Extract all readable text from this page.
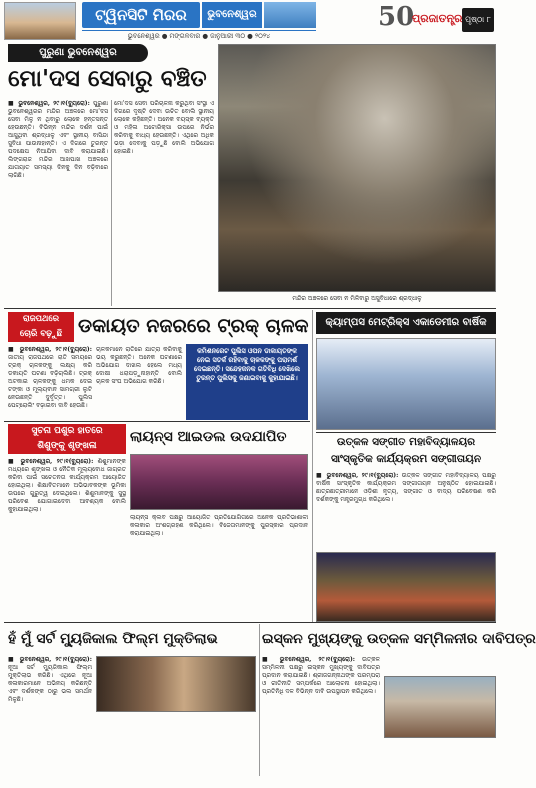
ଟ୍ୱିନସିଟି ମିରର	ଭୁବନେଶ୍ୱର
ଭୁବନେଶ୍ୱର ● ମଙ୍ଗଳବାର ● ଜାନୁଆରୀ ୩୦ ● ୨୦୨୪
50
ପ୍ରଜାତନ୍ତ୍ର ପୃଷ୍ଠା ୮
ପୁରୁଣା ଭୁବନେଶ୍ୱର
ମୋ'ଦସ ସେବାରୁ ବଞ୍ଚିତ
■ ଭୁବନେଶ୍ୱର, ୨୯।୧(ବ୍ୟୁରୋ): ପୁରୁଣା ଭୁବନେଶ୍ୱରର ମନ୍ଦିର ଅଞ୍ଚଳରେ ମୋ'ଦସ ସେବା ମିଳୁ ନ ଥିବାରୁ ଲୋକେ ହନ୍ତସନ୍ତ ହେଉଛନ୍ତି। ବିଭିନ୍ନ ମନ୍ଦିର ଦର୍ଶନ ପାଇଁ ଆସୁଥିବା ଶ୍ରଦ୍ଧାଳୁ ଏବଂ ସ୍ଥାନୀୟ ବାସିନ୍ଦା ସୁବିଧା ପାଉନାହାନ୍ତି। ଏ ଦିଗରେ ତୁରନ୍ତ ପଦକ୍ଷେପ ନିଆଯିବା ଦାବି କରାଯାଇଛି। ଲିଙ୍ଗରାଜ ମନ୍ଦିର ଆଖପାଖ ଅଞ୍ଚଳରେ ଯାତାୟାତ ସମସ୍ୟା ଦିନକୁ ଦିନ ବଢ଼ିବାରେ ଲାଗିଛି।
ମୋ'ଦସ ସେବା ପରିଚାଳନା କରୁଥିବା ସଂସ୍ଥା ଏ ଦିଗରେ ଦୃଷ୍ଟି ଦେବା ଉଚିତ ବୋଲି ସ୍ଥାନୀୟ ଲୋକେ କହିଛନ୍ତି। ଅନେକ ବୟସ୍କ ବ୍ୟକ୍ତି ଓ ମହିଳା ଅଟୋରିକ୍ସା ଉପରେ ନିର୍ଭର କରିବାକୁ ବାଧ୍ୟ ହେଉଛନ୍ତି। ଏଥିରେ ଅଧିକ ଭଡ଼ା ଦେବାକୁ ପଡ଼ୁଛି ବୋଲି ଅଭିଯୋଗ ହୋଇଛି।
ମନ୍ଦିର ଅଞ୍ଚଳରେ ସେବା ନ ମିଳିବାରୁ ଅସୁବିଧାରେ ଶ୍ରଦ୍ଧାଳୁ
ରାଜପଥରେ
ଚୋରି ବଢ଼ୁଛି ଡକାୟତ ନଜରରେ ଟ୍ରକ୍ ଚାଳକ
■ ଭୁବନେଶ୍ୱର, ୨୯।୧(ବ୍ୟୁରୋ): ଜାତୀୟ ରାଜପଥରେ ରାତି ସମୟରେ ଟ୍ରକ୍ ଚାଳକଙ୍କୁ ଲକ୍ଷ୍ୟ କରି ଡକାୟତି ଘଟଣା ବଢ଼ିଚାଲିଛି। ଟ୍ରକ୍ ଅଟକାଇ ଚାଳକଙ୍କୁ ଧମକ ଦେଇ ଟଙ୍କା ଓ ମୂଲ୍ୟବାନ ସାମଗ୍ରୀ ଲୁଟି ନେଉଛନ୍ତି ଦୁର୍ବୃତ୍ତ। ପୁଲିସ ପେଟ୍ରୋଲିଂ ବଢ଼ାଇବା ଦାବି ହେଉଛି।
ଚାଳକମାନେ ରାତିରେ ଯାତ୍ରା କରିବାକୁ ଭୟ କରୁଛନ୍ତି। ଅନେକ ଘଟଣାରେ ଅଭିଯୋଗ ଦାଖଲ ହେଲେ ମଧ୍ୟ ଦୋଷୀ ଧରାପଡ଼ୁନାହାନ୍ତି ବୋଲି ଚାଳକ ସଂଘ ଅଭିଯୋଗ କରିଛି।
କମିଶନରେଟ ପୁଲିସ ଓପନ ଡାକାୟତଙ୍କ ନେଇ ସତର୍କ ରହିବାକୁ ଚାଳକଙ୍କୁ ପରାମର୍ଶ ଦେଇଛନ୍ତି। ସନ୍ଦେହଜନକ ଗତିବିଧି ଦେଖିଲେ ତୁରନ୍ତ ପୁଲିସକୁ ଜଣାଇବାକୁ କୁହାଯାଇଛି।
କ୍ୟାମ୍ପସ ମେଟ୍ରିକ୍ସ ଏକାଡେମୀର ବାର୍ଷିକ
ସୁଚନା ପଶୁର ହାତରେ
ଶିଶୁଙ୍କୁ ଶୃଙ୍ଖଳା
ଲାୟନ୍ସ ଆଇଡଲ ଉଦଯାପିତ
■ ଭୁବନେଶ୍ୱର, ୨୯।୧(ବ୍ୟୁରୋ): ଶିଶୁମାନଙ୍କ ମଧ୍ୟରେ ଶୃଙ୍ଖଳା ଓ ନୈତିକ ମୂଲ୍ୟବୋଧ ଜାଗ୍ରତ କରିବା ପାଇଁ ସଚେତନତା କାର୍ଯ୍ୟକ୍ରମ ଆୟୋଜିତ ହୋଇଥିଲା। ଶିକ୍ଷାବିତମାନେ ଅଭିଭାବକଙ୍କ ଭୂମିକା ଉପରେ ଗୁରୁତ୍ୱ ଦେଇଥିଲେ। ଶିଶୁମାନଙ୍କୁ ସୁସ୍ଥ ପରିବେଶ ଯୋଗାଇଦେବା ଆବଶ୍ୟକ ବୋଲି କୁହାଯାଇଥିଲା।
ଲାୟନ୍ସ କ୍ଲବ ପକ୍ଷରୁ ଆୟୋଜିତ ପ୍ରତିଯୋଗିତାରେ ଅନେକ ପ୍ରତିଭାଶାଳୀ କଳାକାର ଅଂଶଗ୍ରହଣ କରିଥିଲେ। ବିଜେତାମାନଙ୍କୁ ପୁରସ୍କାର ପ୍ରଦାନ କରାଯାଇଥିଲା।
ଉତ୍କଳ ସଙ୍ଗୀତ ମହାବିଦ୍ୟାଳୟର
ସାଂସ୍କୃତିକ କାର୍ଯ୍ୟକ୍ରମ ସଙ୍ଗୀତାୟନ
■ ଭୁବନେଶ୍ୱର, ୨୯।୧(ବ୍ୟୁରୋ): ଉତ୍କଳ ସଙ୍ଗୀତ ମହାବିଦ୍ୟାଳୟ ପକ୍ଷରୁ ବାର୍ଷିକ ସାଂସ୍କୃତିକ କାର୍ଯ୍ୟକ୍ରମ ସଙ୍ଗୀତାୟନ ଅନୁଷ୍ଠିତ ହୋଇଯାଇଛି। ଛାତ୍ରଛାତ୍ରୀମାନେ ଓଡ଼ିଶୀ ନୃତ୍ୟ, ସଙ୍ଗୀତ ଓ ବାଦ୍ୟ ପରିବେଷଣ କରି ଦର୍ଶକଙ୍କୁ ମନ୍ତ୍ରମୁଗ୍ଧ କରିଥିଲେ।
ହଁ ମୁଁ ସର୍ଟ ମ୍ୟୁଜିକାଲ ଫିଲ୍ମ ମୁକ୍ତିଲାଭ
■ ଭୁବନେଶ୍ୱର, ୨୯।୧(ବ୍ୟୁରୋ): ନୂଆ ସର୍ଟ ମ୍ୟୁଜିକାଲ ଫିଲ୍ମ ମୁକ୍ତିଲାଭ କରିଛି। ଏଥିରେ ନୂଆ କଳାକାରମାନେ ଅଭିନୟ କରିଛନ୍ତି ଏବଂ ଦର୍ଶକଙ୍କ ଠାରୁ ଭଲ ସମର୍ଥନ ମିଳୁଛି।
ଇସ୍କନ ମୁଖ୍ୟଙ୍କୁ ଉତ୍କଳ ସମ୍ମିଳନୀର ଦାବିପତ୍ର
■ ଭୁବନେଶ୍ୱର, ୨୯।୧(ବ୍ୟୁରୋ): ଉତ୍କଳ ସମ୍ମିଳନୀ ପକ୍ଷରୁ ଇସ୍କନ ମୁଖ୍ୟଙ୍କୁ ଦାବିପତ୍ର ପ୍ରଦାନ କରାଯାଇଛି। ଶ୍ରୀଜଗନ୍ନାଥଙ୍କ ପରମ୍ପରା ଓ ରୀତିନୀତି ସମ୍ପର୍କରେ ଆଲୋଚନା ହୋଇଥିଲା। ପ୍ରତିନିଧି ଦଳ ବିଭିନ୍ନ ଦାବି ଉପସ୍ଥାପନ କରିଥିଲେ।
